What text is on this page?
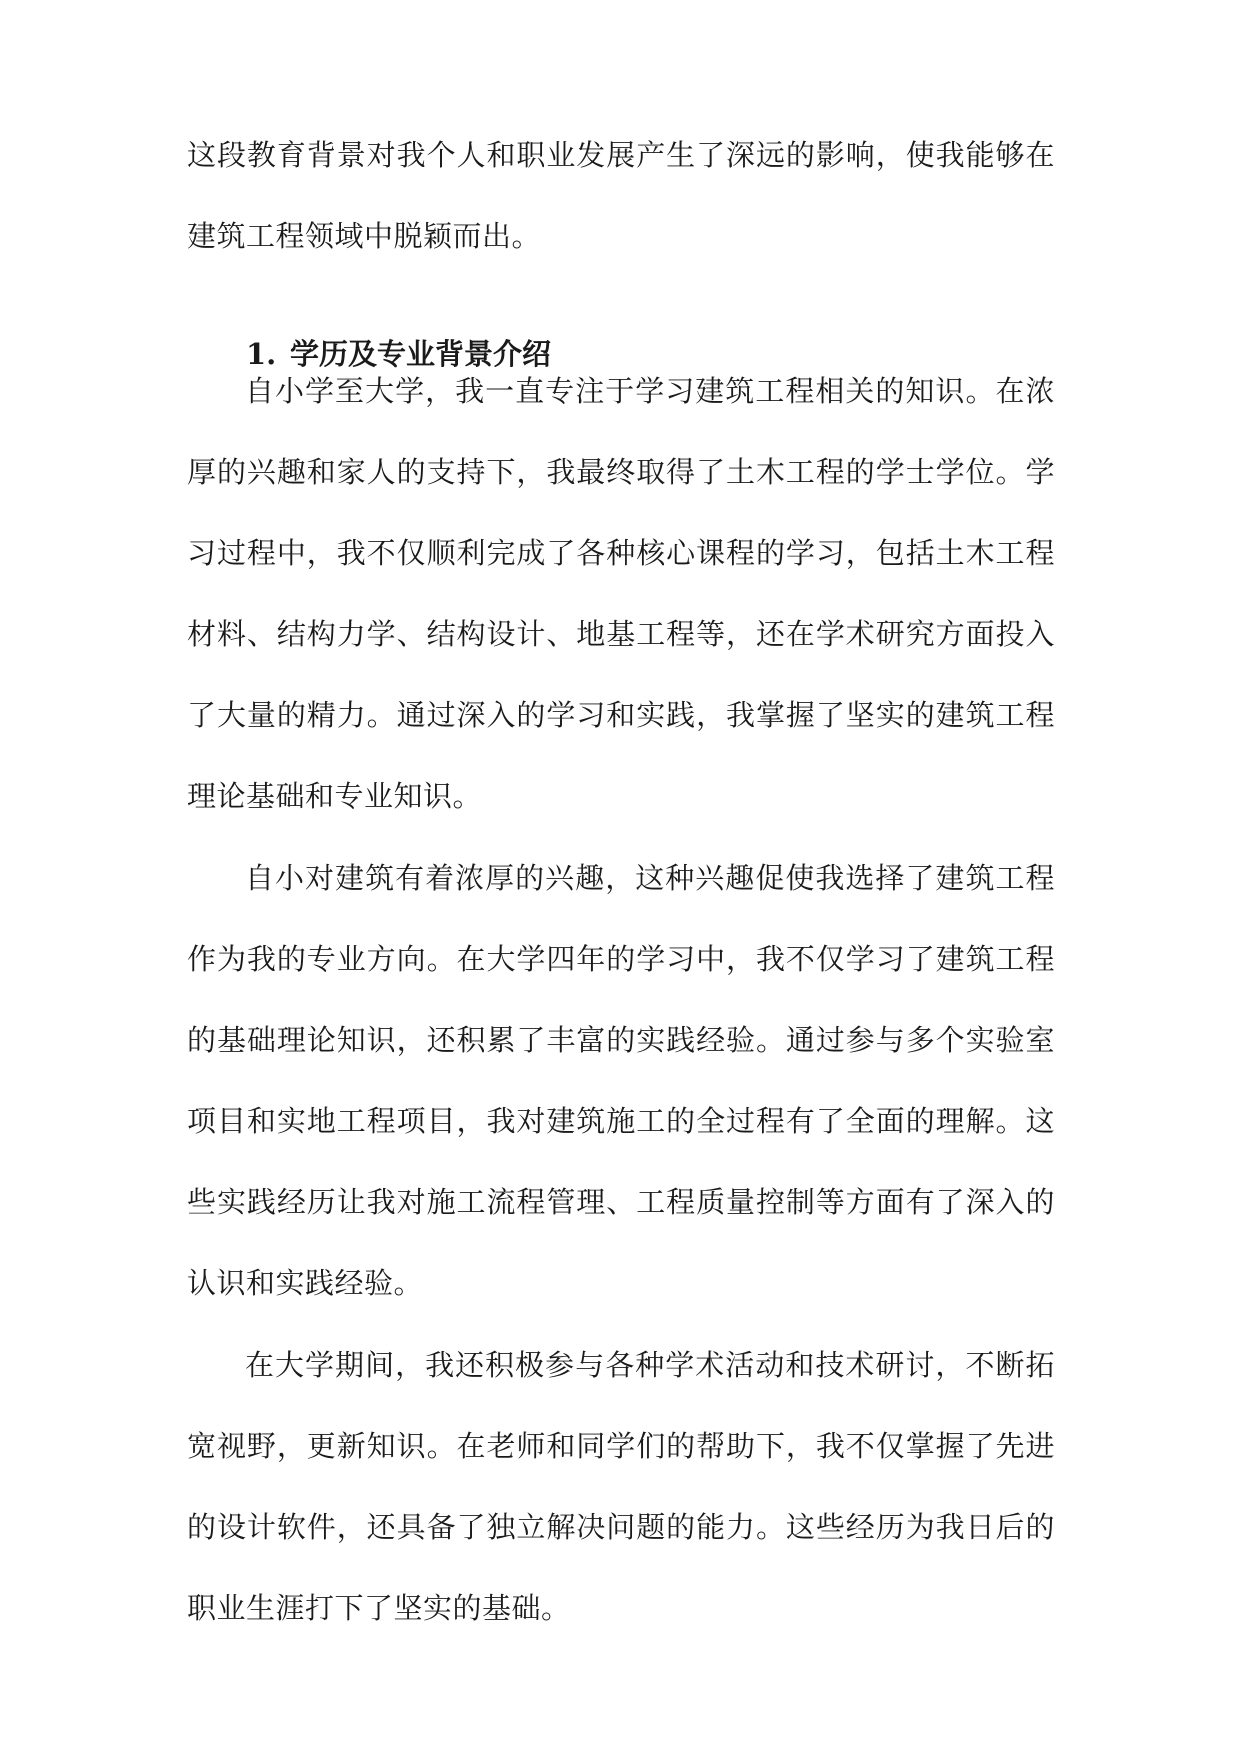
这段教育背景对我个人和职业发展产生了深远的影响，使我能够在建筑工程领域中脱颖而出。

1. 学历及专业背景介绍

自小学至大学，我一直专注于学习建筑工程相关的知识。在浓厚的兴趣和家人的支持下，我最终取得了土木工程的学士学位。学习过程中，我不仅顺利完成了各种核心课程的学习，包括土木工程材料、结构力学、结构设计、地基工程等，还在学术研究方面投入了大量的精力。通过深入的学习和实践，我掌握了坚实的建筑工程理论基础和专业知识。

自小对建筑有着浓厚的兴趣，这种兴趣促使我选择了建筑工程作为我的专业方向。在大学四年的学习中，我不仅学习了建筑工程的基础理论知识，还积累了丰富的实践经验。通过参与多个实验室项目和实地工程项目，我对建筑施工的全过程有了全面的理解。这些实践经历让我对施工流程管理、工程质量控制等方面有了深入的认识和实践经验。

在大学期间，我还积极参与各种学术活动和技术研讨，不断拓宽视野，更新知识。在老师和同学们的帮助下，我不仅掌握了先进的设计软件，还具备了独立解决问题的能力。这些经历为我日后的职业生涯打下了坚实的基础。
